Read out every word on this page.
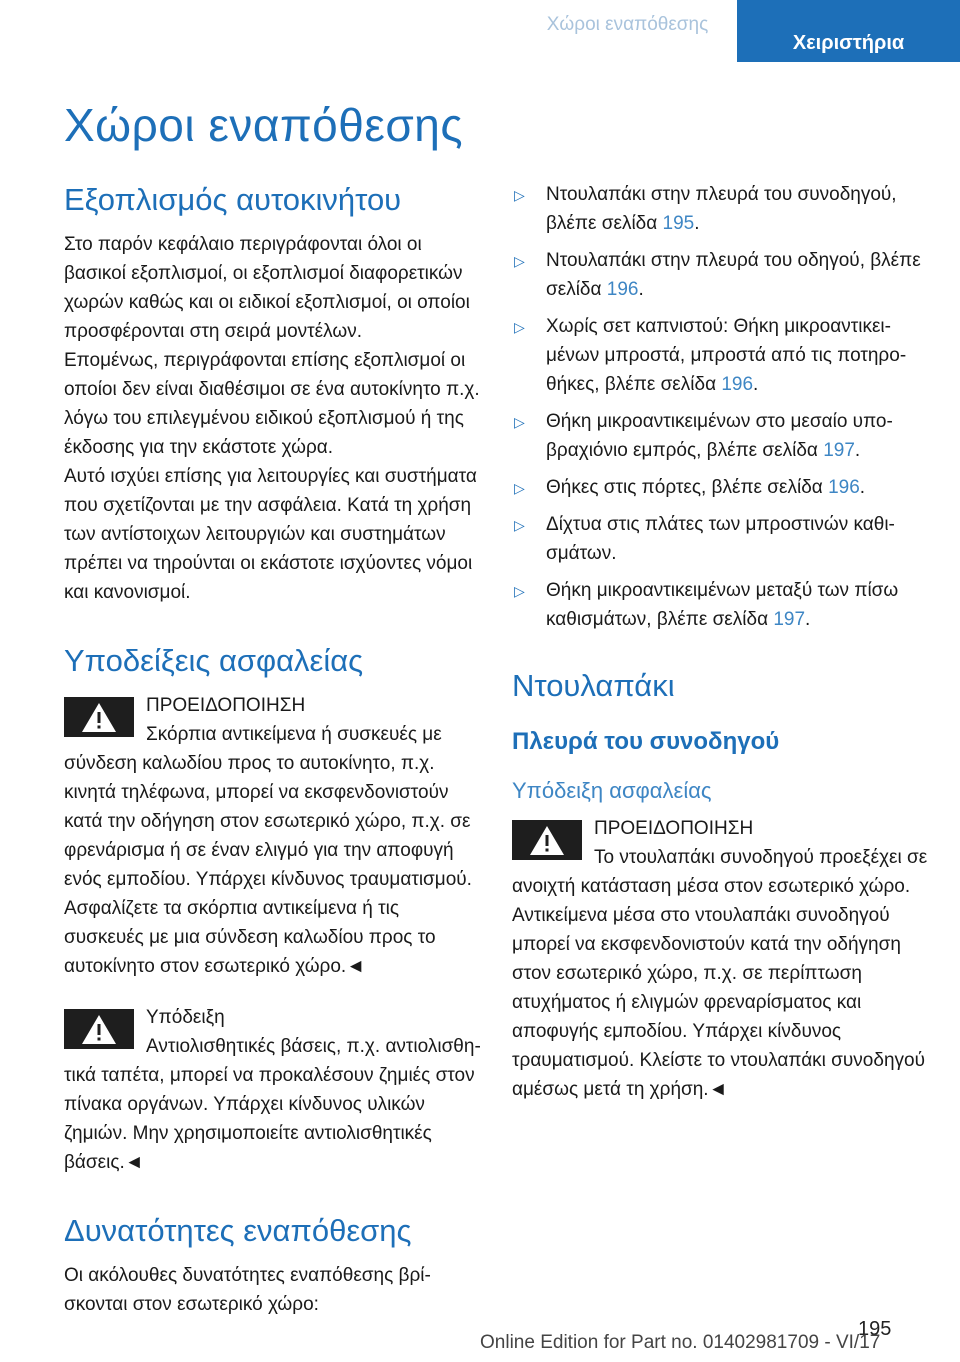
Χώροι εναπόθεσης
Χειριστήρια
Χώροι εναπόθεσης
Εξοπλισμός αυτοκινήτου

Στο παρόν κεφάλαιο περιγράφονται όλοι οι βασικοί εξοπλισμοί, οι εξοπλισμοί διαφορετικών χωρών καθώς και οι ειδικοί εξοπλισμοί, οι οποίοι προσφέρονται στη σειρά μοντέλων.

Επομένως, περιγράφονται επίσης εξοπλισμοί οι οποίοι δεν είναι διαθέσιμοι σε ένα αυτοκίνητο π.χ. λόγω του επιλεγμένου ειδικού εξοπλισμού ή της έκδοσης για την εκάστοτε χώρα.

Αυτό ισχύει επίσης για λειτουργίες και συστήματα που σχετίζονται με την ασφάλεια. Κατά τη χρήση των αντίστοιχων λειτουργιών και συστημάτων πρέπει να τηρούνται οι εκάστοτε ισχύοντες νόμοι και κανονισμοί.

Υποδείξεις ασφαλείας

ΠΡΟΕΙΔΟΠΟΙΗΣΗ

Σκόρπια αντικείμενα ή συσκευές με σύνδεση καλωδίου προς το αυτοκίνητο, π.χ. κινητά τηλέφωνα, μπορεί να εκσφενδονιστούν κατά την οδήγηση στον εσωτερικό χώρο, π.χ. σε φρενάρισμα ή σε έναν ελιγμό για την αποφυγή ενός εμποδίου. Υπάρχει κίνδυνος τραυματισμού. Ασφαλίζετε τα σκόρπια αντικείμενα ή τις συσκευές με μια σύνδεση καλωδίου προς το αυτοκίνητο στον εσωτερικό χώρο.◄

Υπόδειξη

Αντιολισθητικές βάσεις, π.χ. αντιολισθητικά ταπέτα, μπορεί να προκαλέσουν ζημιές στον πίνακα οργάνων. Υπάρχει κίνδυνος υλικών ζημιών. Μην χρησιμοποιείτε αντιολισθητικές βάσεις.◄

Δυνατότητες εναπόθεσης

Οι ακόλουθες δυνατότητες εναπόθεσης βρίσκονται στον εσωτερικό χώρο:

▷ Ντουλαπάκι στην πλευρά του συνοδηγού, βλέπε σελίδα 195.
▷ Ντουλαπάκι στην πλευρά του οδηγού, βλέπε σελίδα 196.
▷ Χωρίς σετ καπνιστού: Θήκη μικροαντικειμένων μπροστά, μπροστά από τις ποτηροθήκες, βλέπε σελίδα 196.
▷ Θήκη μικροαντικειμένων στο μεσαίο υποβραχιόνιο εμπρός, βλέπε σελίδα 197.
▷ Θήκες στις πόρτες, βλέπε σελίδα 196.
▷ Δίχτυα στις πλάτες των μπροστινών καθισμάτων.
▷ Θήκη μικροαντικειμένων μεταξύ των πίσω καθισμάτων, βλέπε σελίδα 197.
Ντουλαπάκι
Πλευρά του συνοδηγού
Υπόδειξη ασφαλείας

ΠΡΟΕΙΔΟΠΟΙΗΣΗ

Το ντουλαπάκι συνοδηγού προεξέχει σε ανοιχτή κατάσταση μέσα στον εσωτερικό χώρο. Αντικείμενα μέσα στο ντουλαπάκι συνοδηγού μπορεί να εκσφενδονιστούν κατά την οδήγηση στον εσωτερικό χώρο, π.χ. σε περίπτωση ατυχήματος ή ελιγμών φρεναρίσματος και αποφυγής εμποδίου. Υπάρχει κίνδυνος τραυματισμού. Κλείστε το ντουλαπάκι συνοδηγού αμέσως μετά τη χρήση.◄

195
Online Edition for Part no. 01402981709 - VI/17
